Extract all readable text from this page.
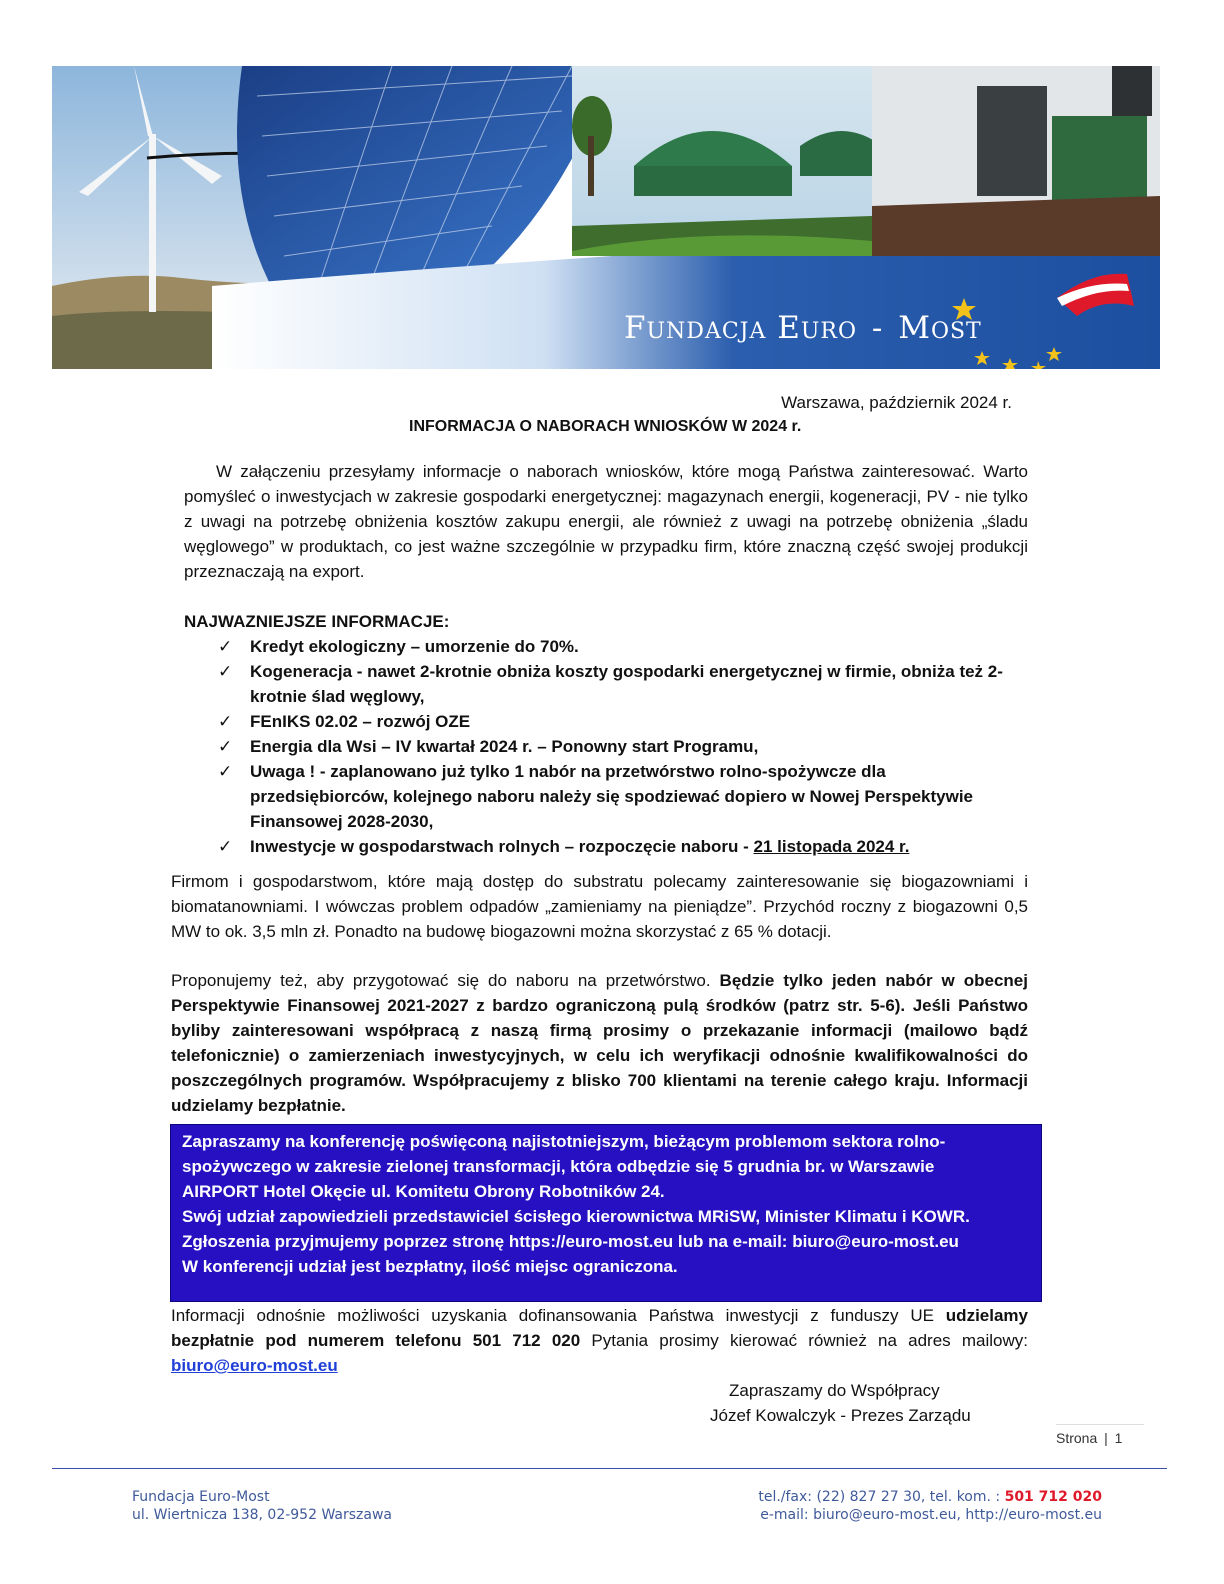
Fundacja Euro - Most
Warszawa, październik 2024 r.
INFORMACJA O NABORACH WNIOSKÓW W 2024 r.
W załączeniu przesyłamy informacje o naborach wniosków, które mogą Państwa zainteresować. Warto pomyśleć o inwestycjach w zakresie gospodarki energetycznej: magazynach energii, kogeneracji, PV - nie tylko z uwagi na potrzebę obniżenia kosztów zakupu energii, ale również z uwagi na potrzebę obniżenia „śladu węglowego” w produktach, co jest ważne szczególnie w przypadku firm, które znaczną część swojej produkcji przeznaczają na export.
NAJWAZNIEJSZE INFORMACJE:
✓ Kredyt ekologiczny – umorzenie do 70%.
✓ Kogeneracja - nawet 2-krotnie obniża koszty gospodarki energetycznej w firmie, obniża też 2-krotnie ślad węglowy,
✓ FEnIKS 02.02 – rozwój OZE
✓ Energia dla Wsi – IV kwartał 2024 r. – Ponowny start Programu,
✓ Uwaga ! - zaplanowano już tylko 1 nabór na przetwórstwo rolno-spożywcze dla przedsiębiorców, kolejnego naboru należy się spodziewać dopiero w Nowej Perspektywie Finansowej 2028-2030,
✓ Inwestycje w gospodarstwach rolnych – rozpoczęcie naboru - 21 listopada 2024 r.
Firmom i gospodarstwom, które mają dostęp do substratu polecamy zainteresowanie się biogazowniami i biomatanowniami. I wówczas problem odpadów „zamieniamy na pieniądze”. Przychód roczny z biogazowni 0,5 MW to ok. 3,5 mln zł. Ponadto na budowę biogazowni można skorzystać z 65 % dotacji.
Proponujemy też, aby przygotować się do naboru na przetwórstwo. Będzie tylko jeden nabór w obecnej Perspektywie Finansowej 2021-2027 z bardzo ograniczoną pulą środków (patrz str. 5-6). Jeśli Państwo byliby zainteresowani współpracą z naszą firmą prosimy o przekazanie informacji (mailowo bądź telefonicznie) o zamierzeniach inwestycyjnych, w celu ich weryfikacji odnośnie kwalifikowalności do poszczególnych programów. Współpracujemy z blisko 700 klientami na terenie całego kraju. Informacji udzielamy bezpłatnie.

Zapraszamy na konferencję poświęconą najistotniejszym, bieżącym problemom sektora rolno-

spożywczego w zakresie zielonej transformacji, która odbędzie się 5 grudnia br. w Warszawie

AIRPORT Hotel Okęcie ul. Komitetu Obrony Robotników 24.

Swój udział zapowiedzieli przedstawiciel ścisłego kierownictwa MRiSW, Minister Klimatu i KOWR.

Zgłoszenia przyjmujemy poprzez stronę https://euro-most.eu lub na e-mail: biuro@euro-most.eu

W konferencji udział jest bezpłatny, ilość miejsc ograniczona.

Informacji odnośnie możliwości uzyskania dofinansowania Państwa inwestycji z funduszy UE udzielamy bezpłatnie pod numerem telefonu 501 712 020 Pytania prosimy kierować również na adres mailowy: biuro@euro-most.eu
Zapraszamy do Współpracy
Józef Kowalczyk - Prezes Zarządu
Strona | 1
Fundacja Euro-Most
ul. Wiertnicza 138, 02-952 Warszawa
tel./fax: (22) 827 27 30, tel. kom. : 501 712 020
e-mail: biuro@euro-most.eu, http://euro-most.eu
